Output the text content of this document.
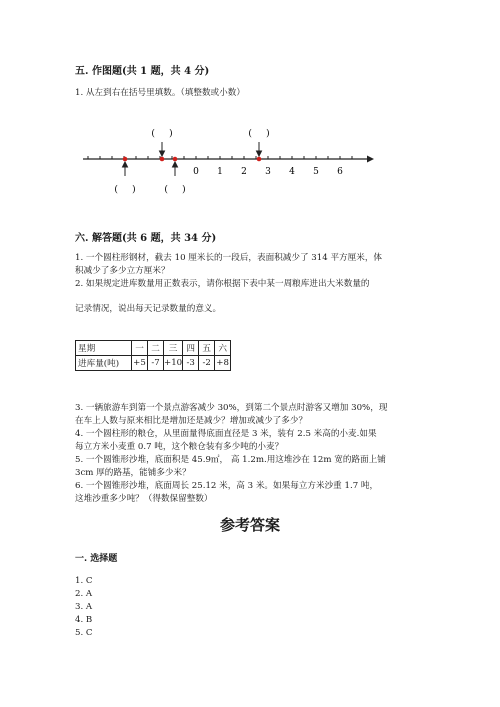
五. 作图题(共 1 题，共 4 分)
1. 从左到右在括号里填数。（填整数或小数）
0 1 2 3 4 5 6
(     )	(     )
(     )	(     )
六. 解答题(共 6 题，共 34 分)
1. 一个圆柱形钢材，截去 10 厘米长的一段后，表面积减少了 314 平方厘米，体
积减少了多少立方厘米？
2. 如果规定进库数量用正数表示，请你根据下表中某一周粮库进出大米数量的
记录情况，说出每天记录数量的意义。
星期	一	二	三	四	五	六
进库量(吨)	+5	-7	+10	-3	-2	+8
3. 一辆旅游车到第一个景点游客减少 30%，到第二个景点时游客又增加 30%，现
在车上人数与原来相比是增加还是减少？增加或减少了多少？
4. 一个圆柱形的粮仓，从里面量得底面直径是 3 米，装有 2.5 米高的小麦.如果
每立方米小麦重 0.7 吨，这个粮仓装有多少吨的小麦？
5. 一个圆锥形沙堆，底面积是 45.9㎡， 高 1.2m.用这堆沙在 12m 宽的路面上铺
3cm 厚的路基，能铺多少米？
6. 一个圆锥形沙堆，底面周长 25.12 米，高 3 米。如果每立方米沙重 1.7 吨，
这堆沙重多少吨？（得数保留整数）
参考答案
一. 选择题
1. C
2. A
3. A
4. B
5. C
